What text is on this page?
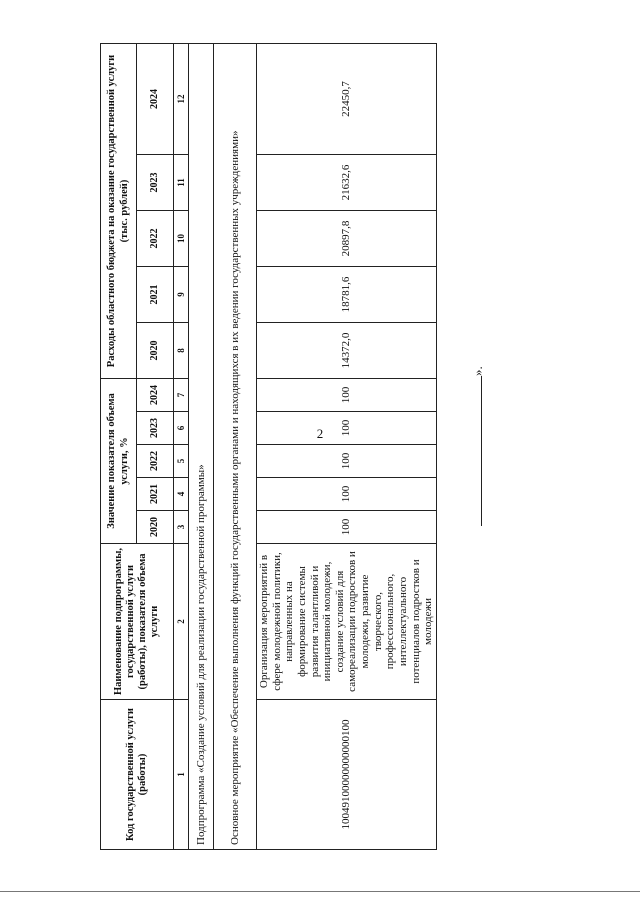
2
Код государственной услуги (работы)	Наименование подпрограммы, государственной услуги (работы), показателя объема услуги	Значение показателя объема услуги, %					Расходы областного бюджета на оказание государственной услуги (тыс. рублей)				
		2020	2021	2022	2023	2024	2020	2021	2022	2023	2024
1	2	3	4	5	6	7	8	9	10	11	12
Подпрограмма «Создание условий для реализации государственной программы»											
Основное мероприятие «Обеспечение выполнения функций государственными органами и находящихся в их ведении государственных учреждениями»											
10049100000000000100	Организация мероприятий в сфере молодежной политики, направленных на формирование системы развития талантливой и инициативной молодежи, создание условий для самореализации подростков и молодежи, развитие творческого, профессионального, интеллектуального потенциалов подростков и молодежи	100	100	100	100	100	14372,0	18781,6	20897,8	21632,6	22450,7
».
